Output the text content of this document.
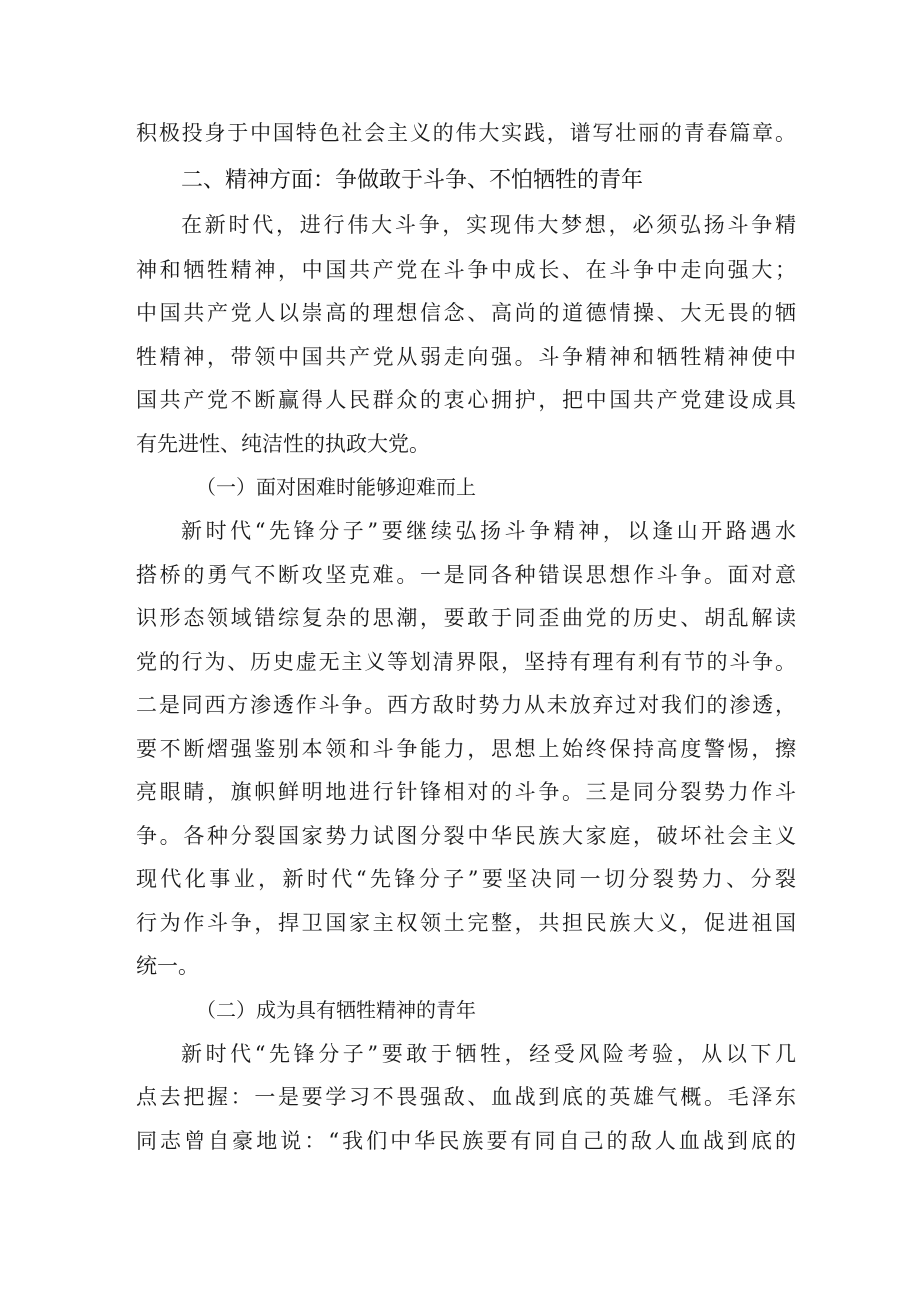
积极投身于中国特色社会主义的伟大实践，谱写壮丽的青春篇章。
二、精神方面：争做敢于斗争、不怕牺牲的青年
在新时代，进行伟大斗争，实现伟大梦想，必须弘扬斗争精
神和牺牲精神，中国共产党在斗争中成长、在斗争中走向强大；
中国共产党人以崇高的理想信念、高尚的道德情操、大无畏的牺
牲精神，带领中国共产党从弱走向强。斗争精神和牺牲精神使中
国共产党不断赢得人民群众的衷心拥护，把中国共产党建设成具
有先进性、纯洁性的执政大党。
（一）面对困难时能够迎难而上
新时代“先锋分子”要继续弘扬斗争精神，以逢山开路遇水
搭桥的勇气不断攻坚克难。一是同各种错误思想作斗争。面对意
识形态领域错综复杂的思潮，要敢于同歪曲党的历史、胡乱解读
党的行为、历史虚无主义等划清界限，坚持有理有利有节的斗争。
二是同西方渗透作斗争。西方敌时势力从未放弃过对我们的渗透，
要不断熠强鉴别本领和斗争能力，思想上始终保持高度警惕，擦
亮眼睛，旗帜鲜明地进行针锋相对的斗争。三是同分裂势力作斗
争。各种分裂国家势力试图分裂中华民族大家庭，破坏社会主义
现代化事业，新时代“先锋分子”要坚决同一切分裂势力、分裂
行为作斗争，捍卫国家主权领土完整，共担民族大义，促进祖国
统一。
（二）成为具有牺牲精神的青年
新时代“先锋分子”要敢于牺牲，经受风险考验，从以下几
点去把握：一是要学习不畏强敌、血战到底的英雄气概。毛泽东
同志曾自豪地说：“我们中华民族要有同自己的敌人血战到底的
